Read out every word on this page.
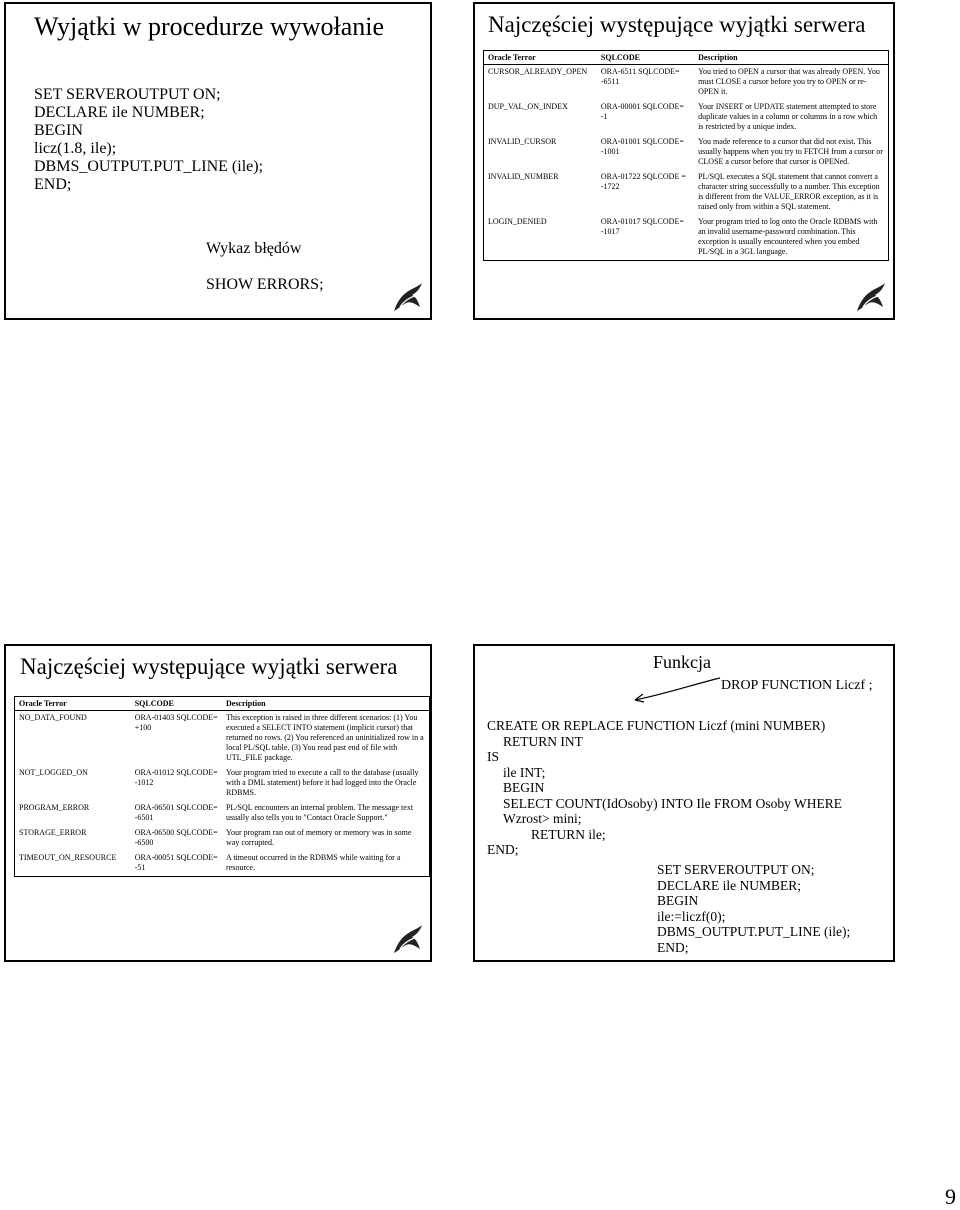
Wyjątki w procedurze wywołanie
SET SERVEROUTPUT ON;
DECLARE ile NUMBER;
BEGIN
licz(1.8, ile);
DBMS_OUTPUT.PUT_LINE (ile);
END;
Wykaz błędów
SHOW ERRORS;
Najczęściej występujące wyjątki serwera
Oracle Terror	SQLCODE	Description
CURSOR_ALREADY_OPEN	ORA-6511 SQLCODE= -6511	You tried to OPEN a cursor that was already OPEN. You must CLOSE a cursor before you try to OPEN or re-OPEN it.
DUP_VAL_ON_INDEX	ORA-00001 SQLCODE= -1	Your INSERT or UPDATE statement attempted to store duplicate values in a column or columns in a row which is restricted by a unique index.
INVALID_CURSOR	ORA-01001 SQLCODE= -1001	You made reference to a cursor that did not exist. This usually happens when you try to FETCH from a cursor or CLOSE a cursor before that cursor is OPENed.
INVALID_NUMBER	ORA-01722 SQLCODE = -1722	PL/SQL executes a SQL statement that cannot convert a character string successfully to a number. This exception is different from the VALUE_ERROR exception, as it is raised only from within a SQL statement.
LOGIN_DENIED	ORA-01017 SQLCODE= -1017	Your program tried to log onto the Oracle RDBMS with an invalid username-password combination. This exception is usually encountered when you embed PL/SQL in a 3GL language.
Najczęściej występujące wyjątki serwera
Oracle Terror	SQLCODE	Description
NO_DATA_FOUND	ORA-01403 SQLCODE= +100	This exception is raised in three different scenarios: (1) You executed a SELECT INTO statement (implicit cursor) that returned no rows. (2) You referenced an uninitialized row in a local PL/SQL table. (3) You read past end of file with UTL_FILE package.
NOT_LOGGED_ON	ORA-01012 SQLCODE= -1012	Your program tried to execute a call to the database (usually with a DML statement) before it had logged into the Oracle RDBMS.
PROGRAM_ERROR	ORA-06501 SQLCODE= -6501	PL/SQL encounters an internal problem. The message text usually also tells you to "Contact Oracle Support."
STORAGE_ERROR	ORA-06500 SQLCODE= -6500	Your program ran out of memory or memory was in some way corrupted.
TIMEOUT_ON_RESOURCE	ORA-00051 SQLCODE= -51	A timeout occurred in the RDBMS while waiting for a resource.
Funkcja
DROP FUNCTION Liczf ;
CREATE OR REPLACE FUNCTION Liczf (mini NUMBER)
RETURN INT
IS
ile INT;
BEGIN
SELECT COUNT(IdOsoby) INTO Ile FROM Osoby WHERE
Wzrost> mini;
RETURN ile;
END;
SET SERVEROUTPUT ON;
DECLARE ile NUMBER;
BEGIN
ile:=liczf(0);
DBMS_OUTPUT.PUT_LINE (ile);
END;
9
